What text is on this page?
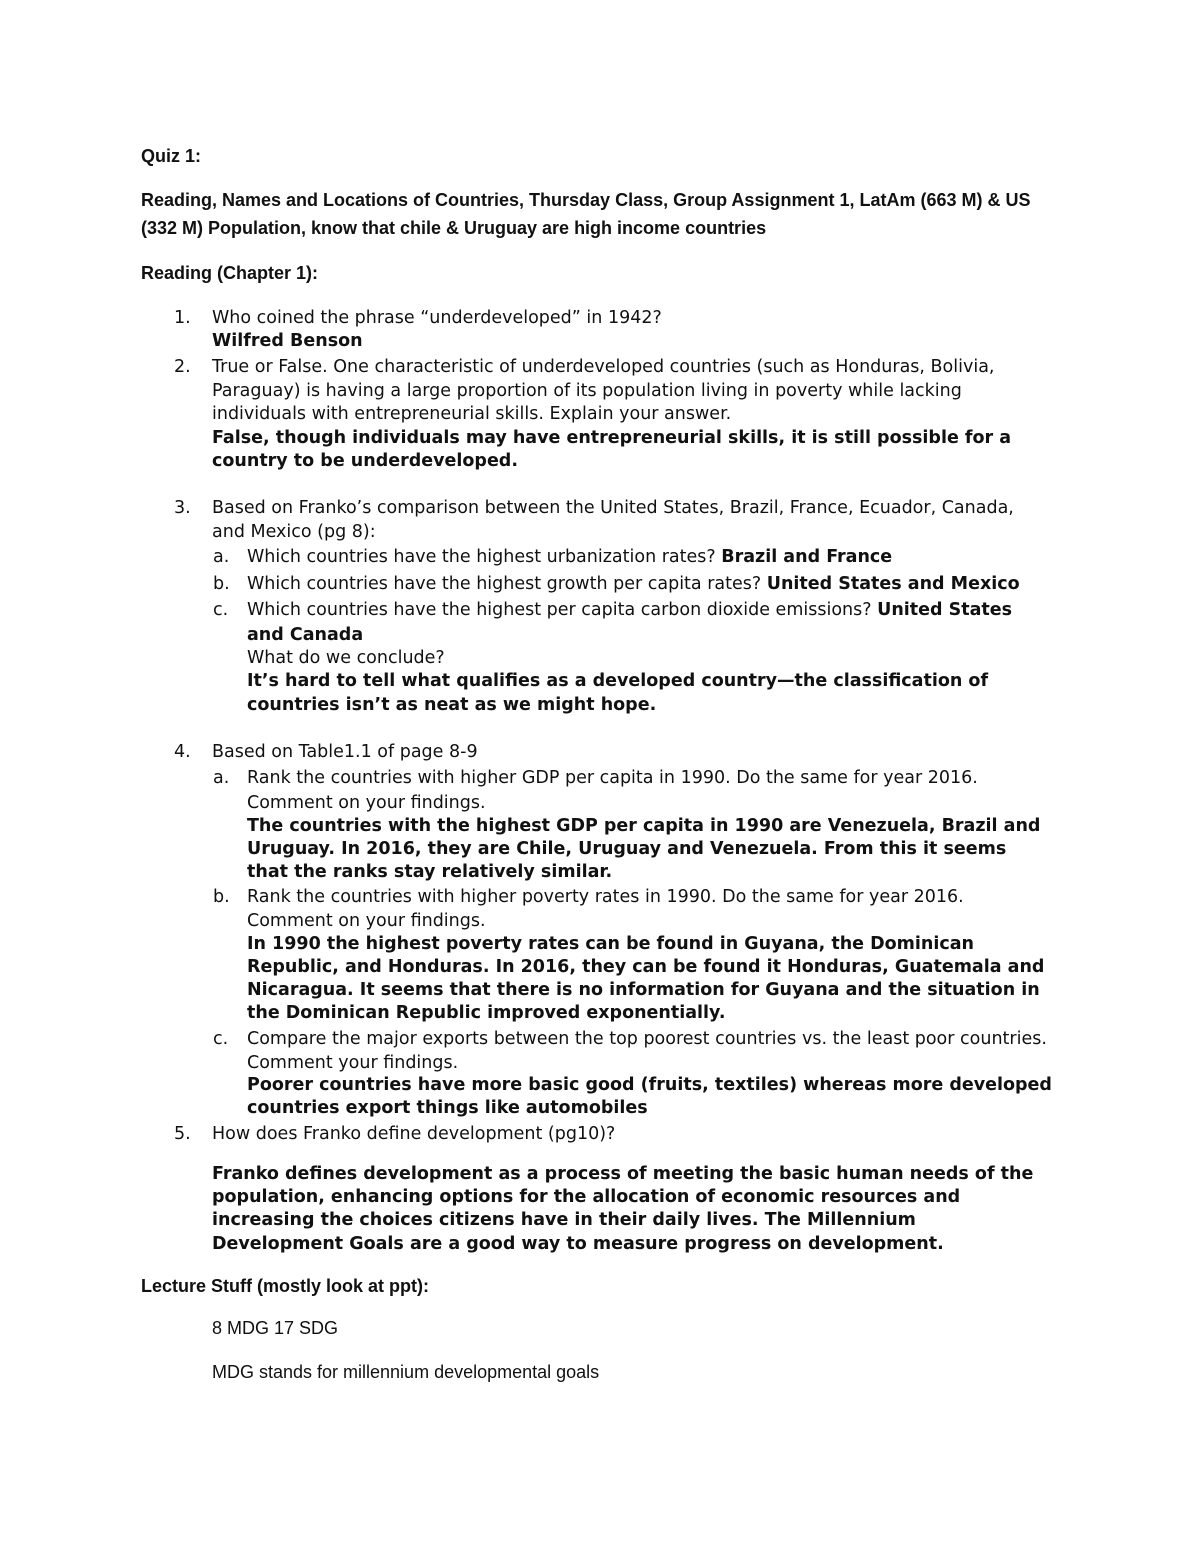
Quiz 1:
Reading, Names and Locations of Countries, Thursday Class, Group Assignment 1, LatAm (663 M) & US
(332 M) Population, know that chile & Uruguay are high income countries
Reading (Chapter 1):
1. Who coined the phrase “underdeveloped” in 1942?
Wilfred Benson
2. True or False. One characteristic of underdeveloped countries (such as Honduras, Bolivia,
Paraguay) is having a large proportion of its population living in poverty while lacking
individuals with entrepreneurial skills. Explain your answer.
False, though individuals may have entrepreneurial skills, it is still possible for a
country to be underdeveloped.
3. Based on Franko’s comparison between the United States, Brazil, France, Ecuador, Canada,
and Mexico (pg 8):
a. Which countries have the highest urbanization rates? Brazil and France
b. Which countries have the highest growth per capita rates? United States and Mexico
c. Which countries have the highest per capita carbon dioxide emissions? United States
and Canada
What do we conclude?
It’s hard to tell what qualifies as a developed country—the classification of
countries isn’t as neat as we might hope.
4. Based on Table1.1 of page 8-9
a. Rank the countries with higher GDP per capita in 1990. Do the same for year 2016.
Comment on your findings.
The countries with the highest GDP per capita in 1990 are Venezuela, Brazil and
Uruguay. In 2016, they are Chile, Uruguay and Venezuela. From this it seems
that the ranks stay relatively similar.
b. Rank the countries with higher poverty rates in 1990. Do the same for year 2016.
Comment on your findings.
In 1990 the highest poverty rates can be found in Guyana, the Dominican
Republic, and Honduras. In 2016, they can be found it Honduras, Guatemala and
Nicaragua. It seems that there is no information for Guyana and the situation in
the Dominican Republic improved exponentially.
c. Compare the major exports between the top poorest countries vs. the least poor countries.
Comment your findings.
Poorer countries have more basic good (fruits, textiles) whereas more developed
countries export things like automobiles
5. How does Franko define development (pg10)?
Franko defines development as a process of meeting the basic human needs of the
population, enhancing options for the allocation of economic resources and
increasing the choices citizens have in their daily lives. The Millennium
Development Goals are a good way to measure progress on development.
Lecture Stuff (mostly look at ppt):
8 MDG 17 SDG
MDG stands for millennium developmental goals
